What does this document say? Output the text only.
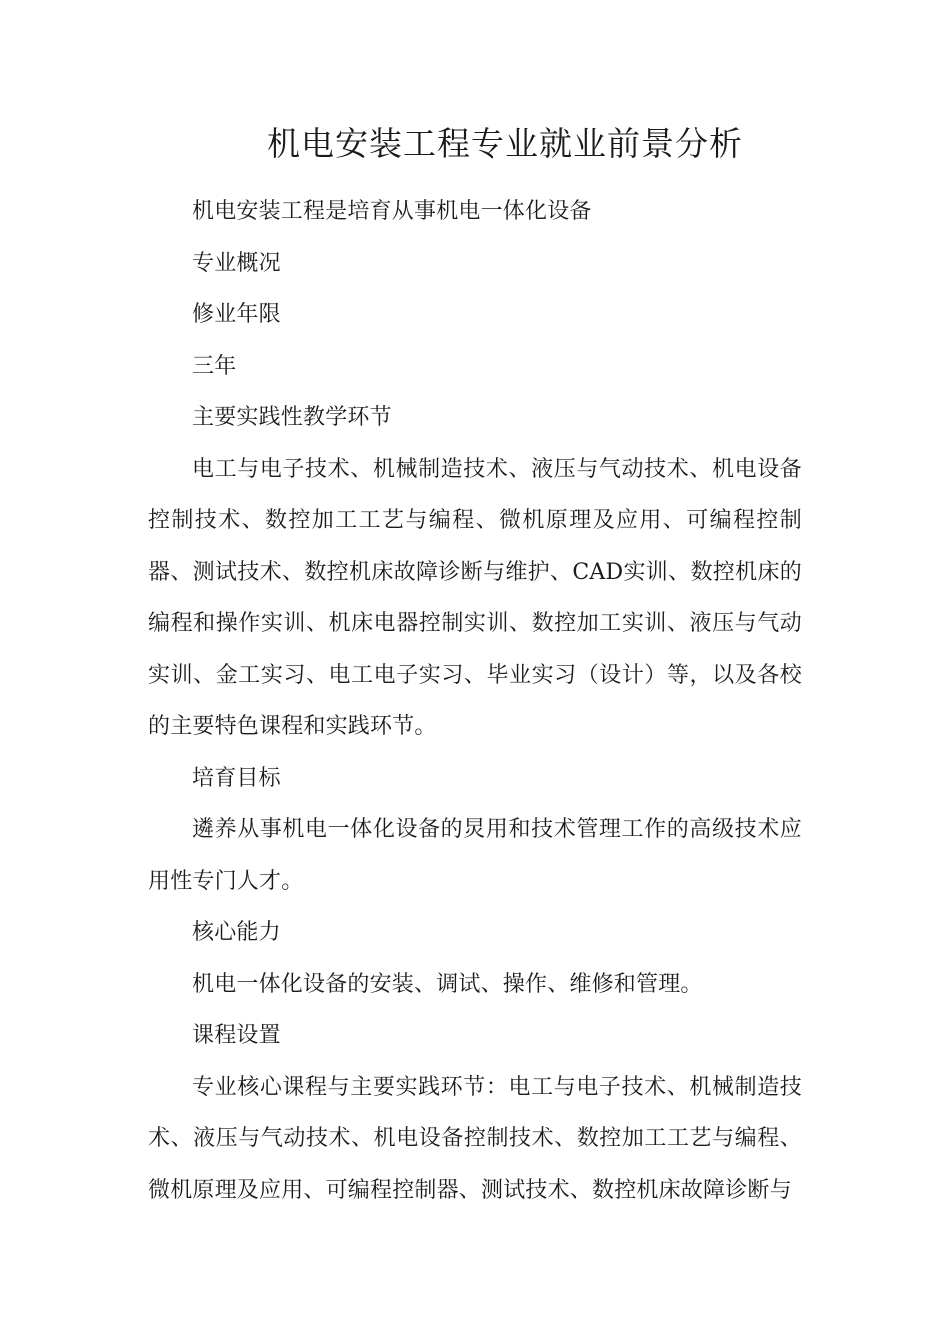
机电安装工程专业就业前景分析

机电安装工程是培育从事机电一体化设备

专业概况

修业年限

三年

主要实践性教学环节

电工与电子技术、机械制造技术、液压与气动技术、机电设备控制技术、数控加工工艺与编程、微机原理及应用、可编程控制器、测试技术、数控机床故障诊断与维护、CAD实训、数控机床的编程和操作实训、机床电器控制实训、数控加工实训、液压与气动实训、金工实习、电工电子实习、毕业实习（设计）等，以及各校的主要特色课程和实践环节。

培育目标

遴养从事机电一体化设备的炅用和技术管理工作的高级技术应用性专门人才。

核心能力

机电一体化设备的安装、调试、操作、维修和管理。

课程设置

专业核心课程与主要实践环节：电工与电子技术、机械制造技术、液压与气动技术、机电设备控制技术、数控加工工艺与编程、微机原理及应用、可编程控制器、测试技术、数控机床故障诊断与
